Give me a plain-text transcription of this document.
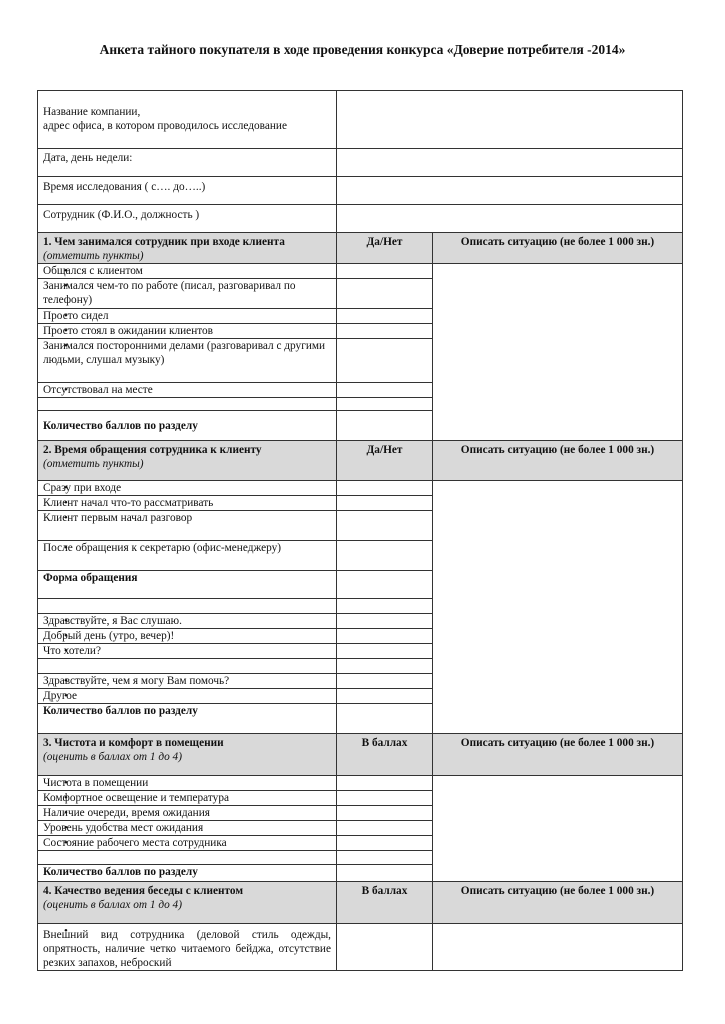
Анкета тайного покупателя в ходе проведения конкурса «Доверие потребителя -2014»
Название компании,
адрес офиса, в котором проводилось исследование		
Дата, день недели:		
Время исследования ( с…. до…..)		
Сотрудник (Ф.И.О., должность )		
1. Чем занимался сотрудник при входе клиента
(отметить пункты)	Да/Нет	Описать ситуацию (не более 1 000 зн.)
• Общался с клиентом		
• Занимался чем-то по работе (писал, разговаривал по телефону)	
• Просто сидел	
• Просто стоял в ожидании клиентов	
• Занимался посторонними делами (разговаривал с другими людьми, слушал музыку)	
• Отсутствовал на месте	

Количество баллов по разделу		
2. Время обращения сотрудника к клиенту
(отметить пункты)	Да/Нет	Описать ситуацию (не более 1 000 зн.)
• Сразу при входе		
• Клиент начал что-то рассматривать	
• Клиент первым начал разговор	
• После обращения к секретарю (офис-менеджеру)	
Форма обращения		

• Здравствуйте, я Вас слушаю.	
• Добрый день (утро, вечер)!	
• Что хотели?	

• Здравствуйте, чем я могу Вам помочь?	
• Другое	
Количество баллов по разделу		
3. Чистота и комфорт в помещении
(оценить в баллах от 1 до 4)	В баллах	Описать ситуацию (не более 1 000 зн.)
• Чистота в помещении		
• Комфортное освещение и температура	
• Наличие очереди, время ожидания	
• Уровень удобства мест ожидания	
• Состояние рабочего места сотрудника	

Количество баллов по разделу		
4. Качество ведения беседы с клиентом
(оценить в баллах от 1 до 4)	В баллах	Описать ситуацию (не более 1 000 зн.)
• Внешний вид сотрудника (деловой стиль одежды, опрятность, наличие четко читаемого бейджа, отсутствие резких запахов, неброский		
